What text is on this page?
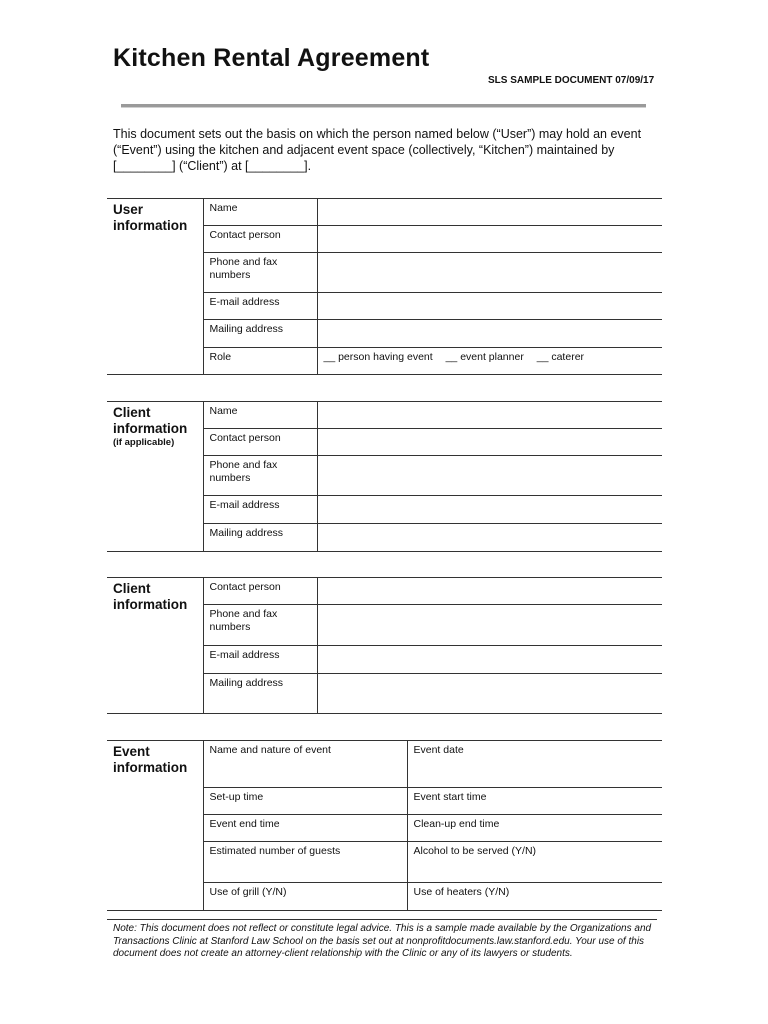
Kitchen Rental Agreement
SLS SAMPLE DOCUMENT 07/09/17
This document sets out the basis on which the person named below (“User”) may hold an event (“Event”) using the kitchen and adjacent event space (collectively, “Kitchen”) maintained by [________] (“Client”) at [________].
User information	Name	
	Contact person	
	Phone and fax numbers	
	E-mail address	
	Mailing address	
	Role	__ person having event __ event planner __ caterer
Client information
(if applicable)	Name	
	Contact person	
	Phone and fax numbers	
	E-mail address	
	Mailing address	
Client information	Contact person	
	Phone and fax numbers	
	E-mail address	
	Mailing address	
Event information	Name and nature of event	Event date
	Set-up time	Event start time
	Event end time	Clean-up end time
	Estimated number of guests	Alcohol to be served (Y/N)
	Use of grill (Y/N)	Use of heaters (Y/N)
Note: This document does not reflect or constitute legal advice. This is a sample made available by the Organizations and Transactions Clinic at Stanford Law School on the basis set out at nonprofitdocuments.law.stanford.edu. Your use of this document does not create an attorney-client relationship with the Clinic or any of its lawyers or students.
